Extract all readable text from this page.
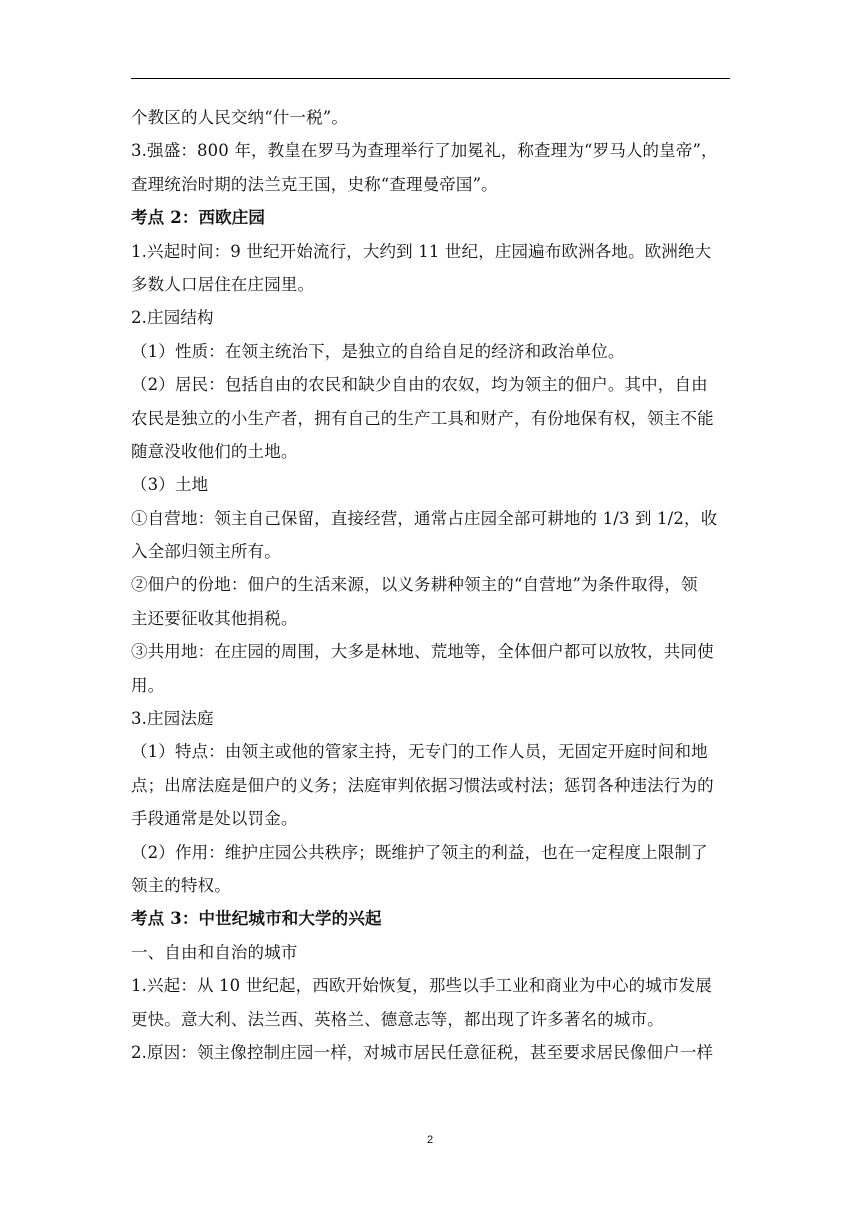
个教区的人民交纳“什一税”。
3.强盛：800 年，教皇在罗马为查理举行了加冕礼，称查理为“罗马人的皇帝”，
查理统治时期的法兰克王国，史称“查理曼帝国”。
考点 2：西欧庄园
1.兴起时间：9 世纪开始流行，大约到 11 世纪，庄园遍布欧洲各地。欧洲绝大
多数人口居住在庄园里。
2.庄园结构
（1）性质：在领主统治下，是独立的自给自足的经济和政治单位。
（2）居民：包括自由的农民和缺少自由的农奴，均为领主的佃户。其中，自由
农民是独立的小生产者，拥有自己的生产工具和财产，有份地保有权，领主不能
随意没收他们的土地。
（3）土地
①自营地：领主自己保留，直接经营，通常占庄园全部可耕地的 1/3 到 1/2，收
入全部归领主所有。
②佃户的份地：佃户的生活来源，以义务耕种领主的“自营地”为条件取得，领
主还要征收其他捐税。
③共用地：在庄园的周围，大多是林地、荒地等，全体佃户都可以放牧，共同使
用。
3.庄园法庭
（1）特点：由领主或他的管家主持，无专门的工作人员，无固定开庭时间和地
点；出席法庭是佃户的义务；法庭审判依据习惯法或村法；惩罚各种违法行为的
手段通常是处以罚金。
（2）作用：维护庄园公共秩序；既维护了领主的利益，也在一定程度上限制了
领主的特权。
考点 3：中世纪城市和大学的兴起
一、自由和自治的城市
1.兴起：从 10 世纪起，西欧开始恢复，那些以手工业和商业为中心的城市发展
更快。意大利、法兰西、英格兰、德意志等，都出现了许多著名的城市。
2.原因：领主像控制庄园一样，对城市居民任意征税，甚至要求居民像佃户一样
2
